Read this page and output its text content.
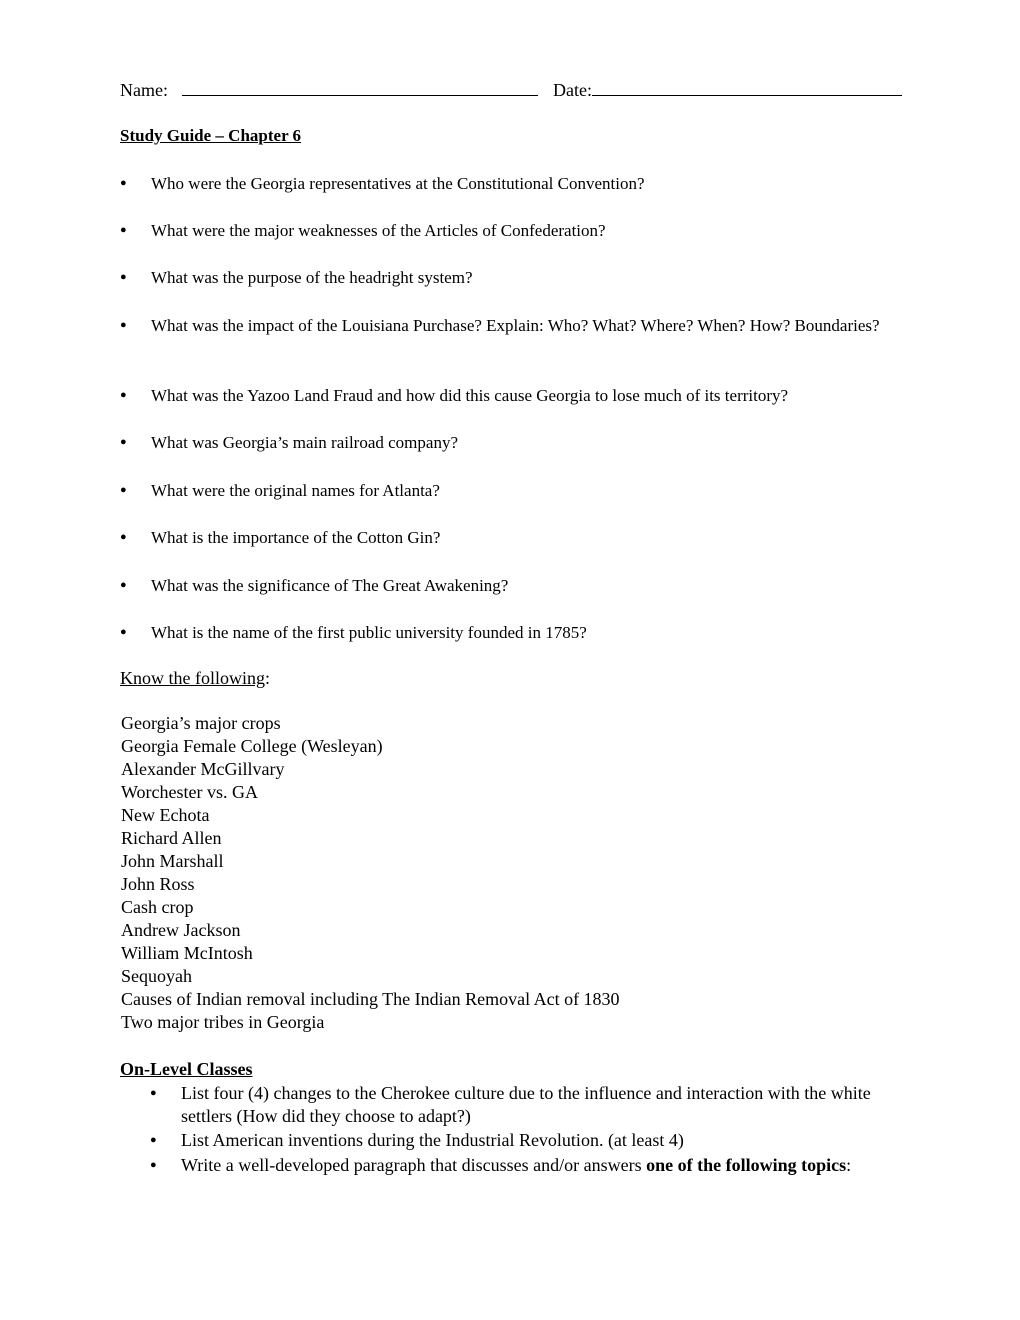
Name:	Date:
Study Guide – Chapter 6
●	Who were the Georgia representatives at the Constitutional Convention?
●	What were the major weaknesses of the Articles of Confederation?
●	What was the purpose of the headright system?
●	What was the impact of the Louisiana Purchase? Explain: Who? What? Where? When? How? Boundaries?
●	What was the Yazoo Land Fraud and how did this cause Georgia to lose much of its territory?
●	What was Georgia’s main railroad company?
●	What were the original names for Atlanta?
●	What is the importance of the Cotton Gin?
●	What was the significance of The Great Awakening?
●	What is the name of the first public university founded in 1785?
Know the following:
Georgia’s major crops
Georgia Female College (Wesleyan)
Alexander McGillvary
Worchester vs. GA
New Echota
Richard Allen
John Marshall
John Ross
Cash crop
Andrew Jackson
William McIntosh
Sequoyah
Causes of Indian removal including The Indian Removal Act of 1830
Two major tribes in Georgia
On-Level Classes
● List four (4) changes to the Cherokee culture due to the influence and interaction with the white settlers (How did they choose to adapt?)
● List American inventions during the Industrial Revolution. (at least 4)
● Write a well-developed paragraph that discusses and/or answers one of the following topics:
